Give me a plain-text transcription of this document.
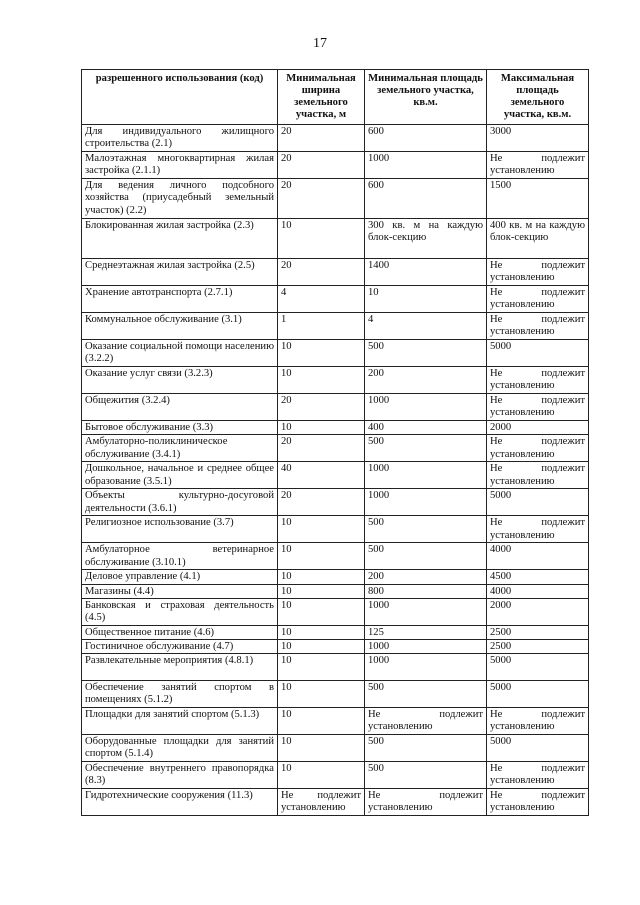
17
разрешенного использования (код)	Минимальная ширина земельного участка, м	Минимальная площадь земельного участка, кв.м.	Максимальная площадь земельного участка, кв.м.
Для индивидуального жилищного строительства (2.1)	20	600	3000
Малоэтажная многоквартирная жилая застройка (2.1.1)	20	1000	Не подлежит установлению
Для ведения личного подсобного хозяйства (приусадебный земельный участок) (2.2)	20	600	1500
Блокированная жилая застройка (2.3)	10	300 кв. м на каждую блок-секцию	400 кв. м на каждую блок-секцию
Среднеэтажная жилая застройка (2.5)	20	1400	Не подлежит установлению
Хранение автотранспорта (2.7.1)	4	10	Не подлежит установлению
Коммунальное обслуживание (3.1)	1	4	Не подлежит установлению
Оказание социальной помощи населению (3.2.2)	10	500	5000
Оказание услуг связи (3.2.3)	10	200	Не подлежит установлению
Общежития (3.2.4)	20	1000	Не подлежит установлению
Бытовое обслуживание (3.3)	10	400	2000
Амбулаторно-поликлиническое обслуживание (3.4.1)	20	500	Не подлежит установлению
Дошкольное, начальное и среднее общее образование (3.5.1)	40	1000	Не подлежит установлению
Объекты культурно-досуговой деятельности (3.6.1)	20	1000	5000
Религиозное использование (3.7)	10	500	Не подлежит установлению
Амбулаторное ветеринарное обслуживание (3.10.1)	10	500	4000
Деловое управление (4.1)	10	200	4500
Магазины (4.4)	10	800	4000
Банковская и страховая деятельность (4.5)	10	1000	2000
Общественное питание (4.6)	10	125	2500
Гостиничное обслуживание (4.7)	10	1000	2500
Развлекательные мероприятия (4.8.1)	10	1000	5000
Обеспечение занятий спортом в помещениях (5.1.2)	10	500	5000
Площадки для занятий спортом (5.1.3)	10	Не подлежит установлению	Не подлежит установлению
Оборудованные площадки для занятий спортом (5.1.4)	10	500	5000
Обеспечение внутреннего правопорядка (8.3)	10	500	Не подлежит установлению
Гидротехнические сооружения (11.3)	Не подлежит установлению	Не подлежит установлению	Не подлежит установлению
